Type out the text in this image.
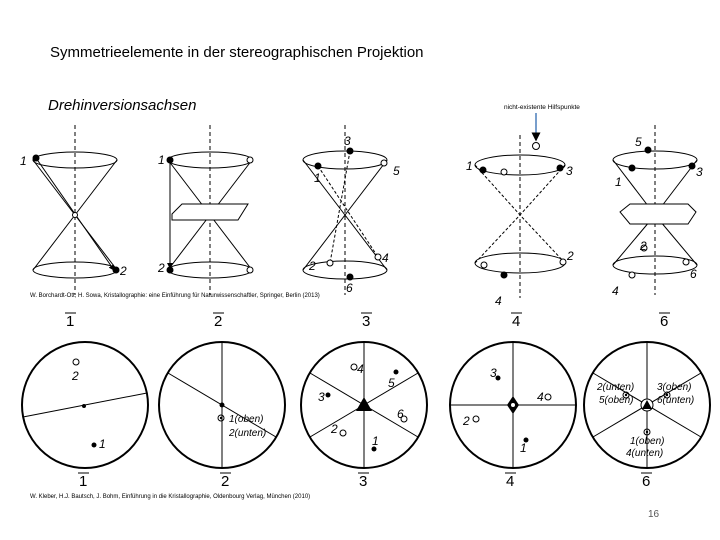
Symmetrieelemente in der stereographischen Projektion
Drehinversionsachsen	nicht-existente Hilfspunkte
W. Borchardt-Ott, H. Sowa, Kristallographie: eine Einführung für Naturwissenschaftler, Springer, Berlin (2013)
W. Kleber, H.J. Bautsch, J. Bohm, Einführung in die Kristallographie, Oldenbourg Verlag, München (2010)
16
1
2
1
2
3
1	5
2
4
6
1	3
2
4
5
1
3
2
6
4
1	2	3	4	6
2
1
1(oben)
2(unten)
4
5
3
6
2
1
3
4
2
1
2(unten)
5(oben)
3(oben)
6(unten)
1(oben)
4(unten)
1	2	3	4	6
